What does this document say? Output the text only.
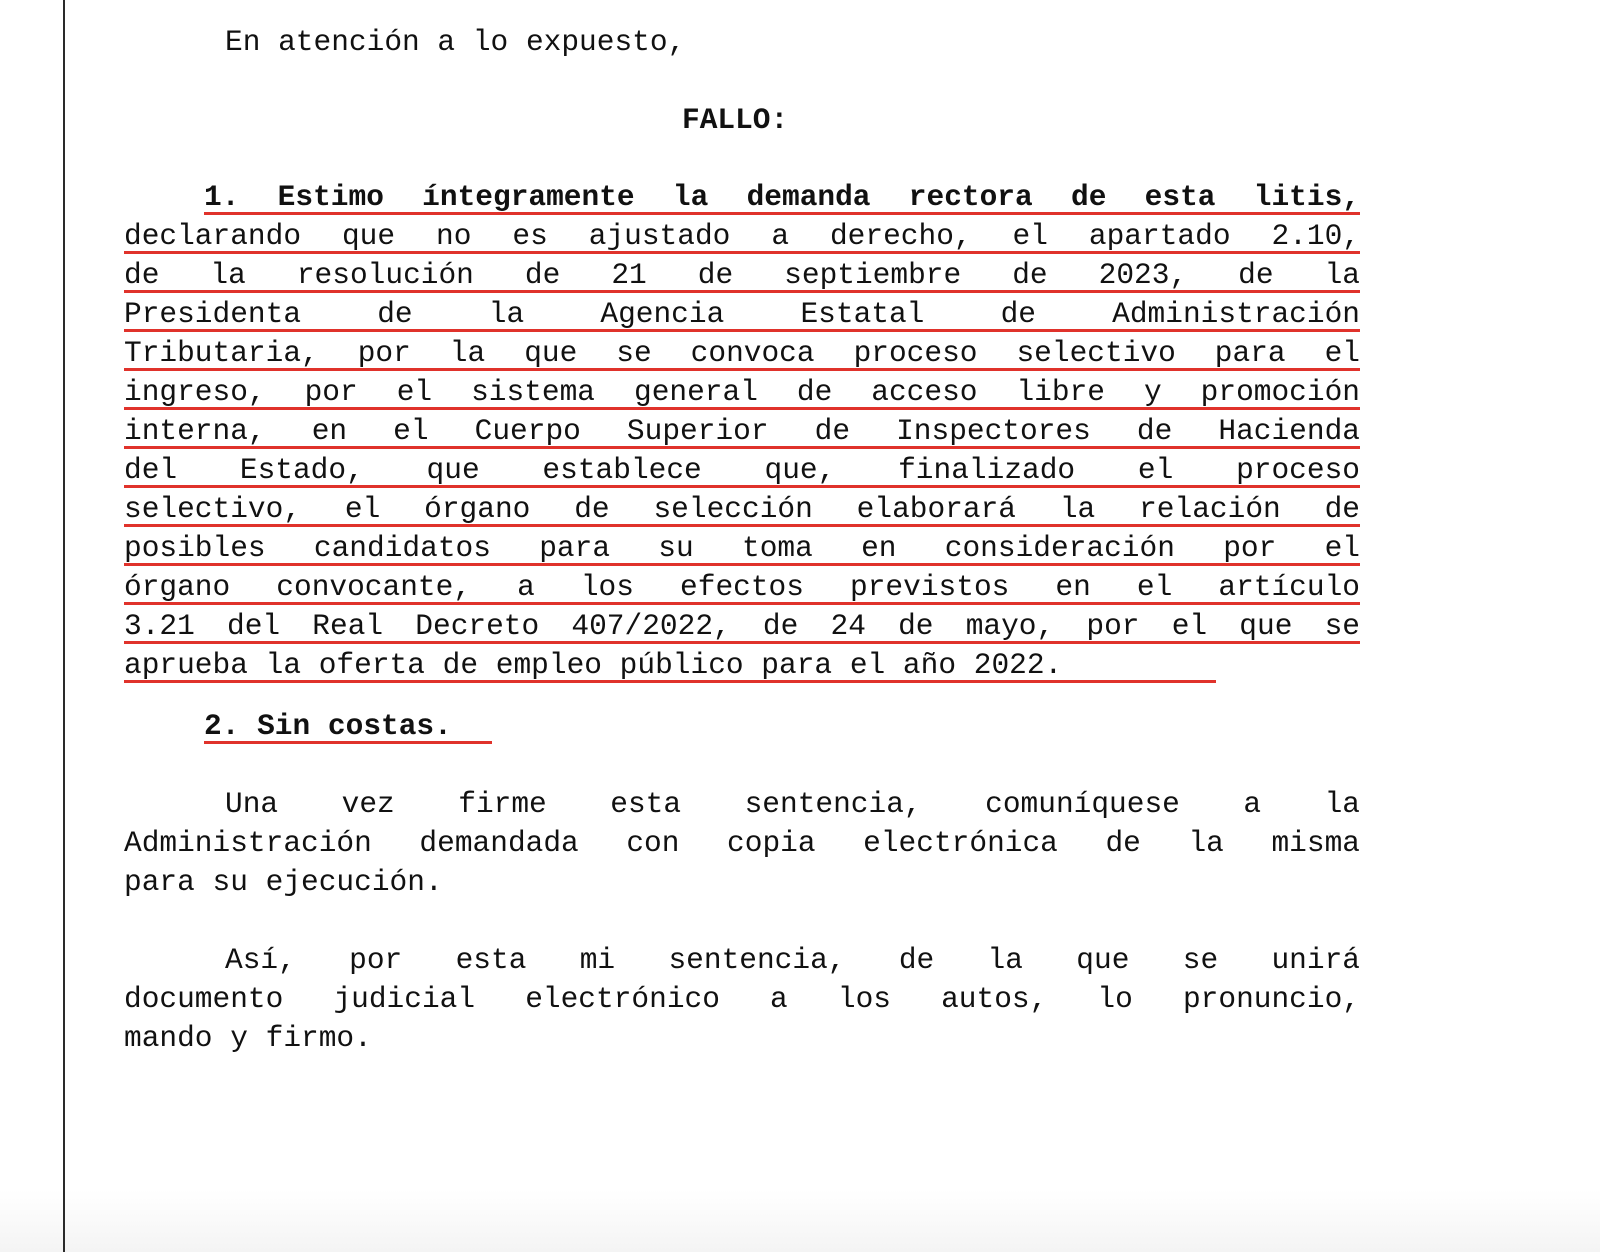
En atención a lo expuesto,
FALLO:
1. Estimo íntegramente la demanda rectora de esta litis,
declarando que no es ajustado a derecho, el apartado 2.10,
de la resolución de 21 de septiembre de 2023, de la
Presidenta de la Agencia Estatal de Administración
Tributaria, por la que se convoca proceso selectivo para el
ingreso, por el sistema general de acceso libre y promoción
interna, en el Cuerpo Superior de Inspectores de Hacienda
del Estado, que establece que, finalizado el proceso
selectivo, el órgano de selección elaborará la relación de
posibles candidatos para su toma en consideración por el
órgano convocante, a los efectos previstos en el artículo
3.21 del Real Decreto 407/2022, de 24 de mayo, por el que se
aprueba la oferta de empleo público para el año 2022.
2. Sin costas.
Una vez firme esta sentencia, comuníquese a la
Administración demandada con copia electrónica de la misma
para su ejecución.
Así, por esta mi sentencia, de la que se unirá
documento judicial electrónico a los autos, lo pronuncio,
mando y firmo.
